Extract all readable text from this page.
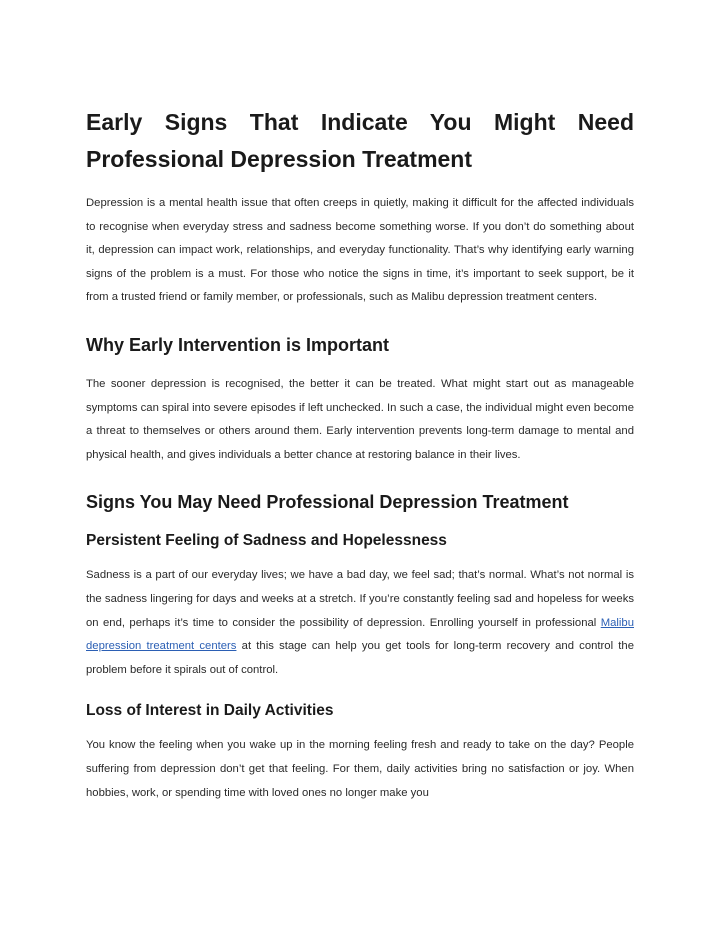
Early Signs That Indicate You Might Need Professional Depression Treatment

Depression is a mental health issue that often creeps in quietly, making it difficult for the affected individuals to recognise when everyday stress and sadness become something worse. If you don’t do something about it, depression can impact work, relationships, and everyday functionality. That’s why identifying early warning signs of the problem is a must. For those who notice the signs in time, it’s important to seek support, be it from a trusted friend or family member, or professionals, such as Malibu depression treatment centers.

Why Early Intervention is Important

The sooner depression is recognised, the better it can be treated. What might start out as manageable symptoms can spiral into severe episodes if left unchecked. In such a case, the individual might even become a threat to themselves or others around them. Early intervention prevents long-term damage to mental and physical health, and gives individuals a better chance at restoring balance in their lives.

Signs You May Need Professional Depression Treatment
Persistent Feeling of Sadness and Hopelessness

Sadness is a part of our everyday lives; we have a bad day, we feel sad; that’s normal. What’s not normal is the sadness lingering for days and weeks at a stretch. If you’re constantly feeling sad and hopeless for weeks on end, perhaps it’s time to consider the possibility of depression. Enrolling yourself in professional Malibu depression treatment centers at this stage can help you get tools for long-term recovery and control the problem before it spirals out of control.

Loss of Interest in Daily Activities

You know the feeling when you wake up in the morning feeling fresh and ready to take on the day? People suffering from depression don’t get that feeling. For them, daily activities bring no satisfaction or joy. When hobbies, work, or spending time with loved ones no longer make you
